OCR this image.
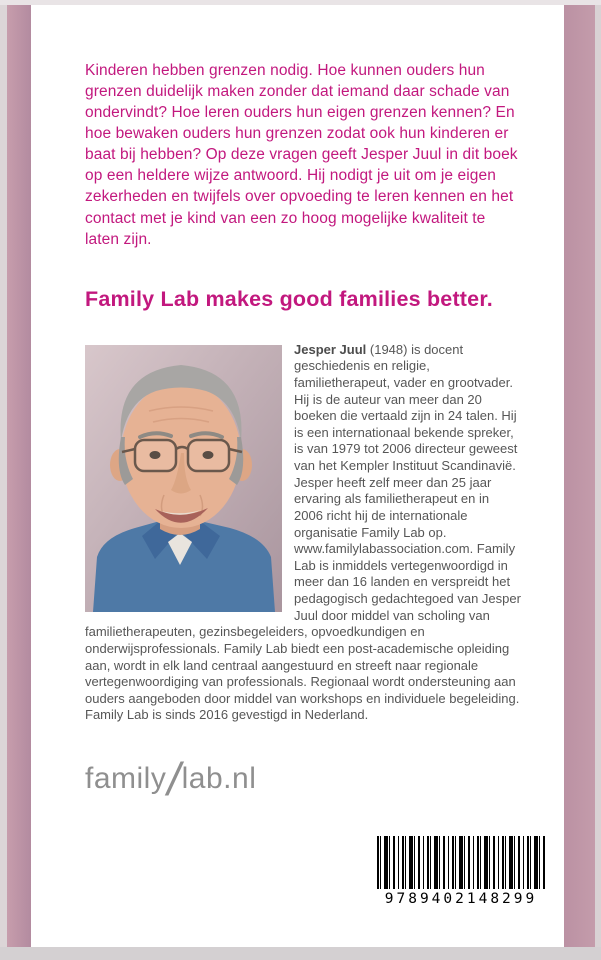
Kinderen hebben grenzen nodig. Hoe kunnen ouders hun grenzen duidelijk maken zonder dat iemand daar schade van ondervindt? Hoe leren ouders hun eigen grenzen kennen? En hoe bewaken ouders hun grenzen zodat ook hun kinderen er baat bij hebben? Op deze vragen geeft Jesper Juul in dit boek op een heldere wijze antwoord. Hij nodigt je uit om je eigen zekerheden en twijfels over opvoeding te leren kennen en het contact met je kind van een zo hoog mogelijke kwaliteit te laten zijn.

Family Lab makes good families better.

Jesper Juul (1948) is docent geschiedenis en religie, familietherapeut, vader en grootvader. Hij is de auteur van meer dan 20 boeken die vertaald zijn in 24 talen. Hij is een internationaal bekende spreker, is van 1979 tot 2006 directeur geweest van het Kempler Instituut Scandinavië. Jesper heeft zelf meer dan 25 jaar ervaring als familietherapeut en in 2006 richt hij de internationale organisatie Family Lab op. www.familylabassociation.com. Family Lab is inmiddels vertegenwoordigd in meer dan 16 landen en verspreidt het pedagogisch gedachtegoed van Jesper Juul door middel van scholing van familietherapeuten, gezinsbegeleiders, opvoedkundigen en onderwijsprofessionals. Family Lab biedt een post-academische opleiding aan, wordt in elk land centraal aangestuurd en streeft naar regionale vertegenwoordiging van professionals. Regionaal wordt ondersteuning aan ouders aangeboden door middel van workshops en individuele begeleiding. Family Lab is sinds 2016 gevestigd in Nederland.

family/lab.nl
9789402148299
